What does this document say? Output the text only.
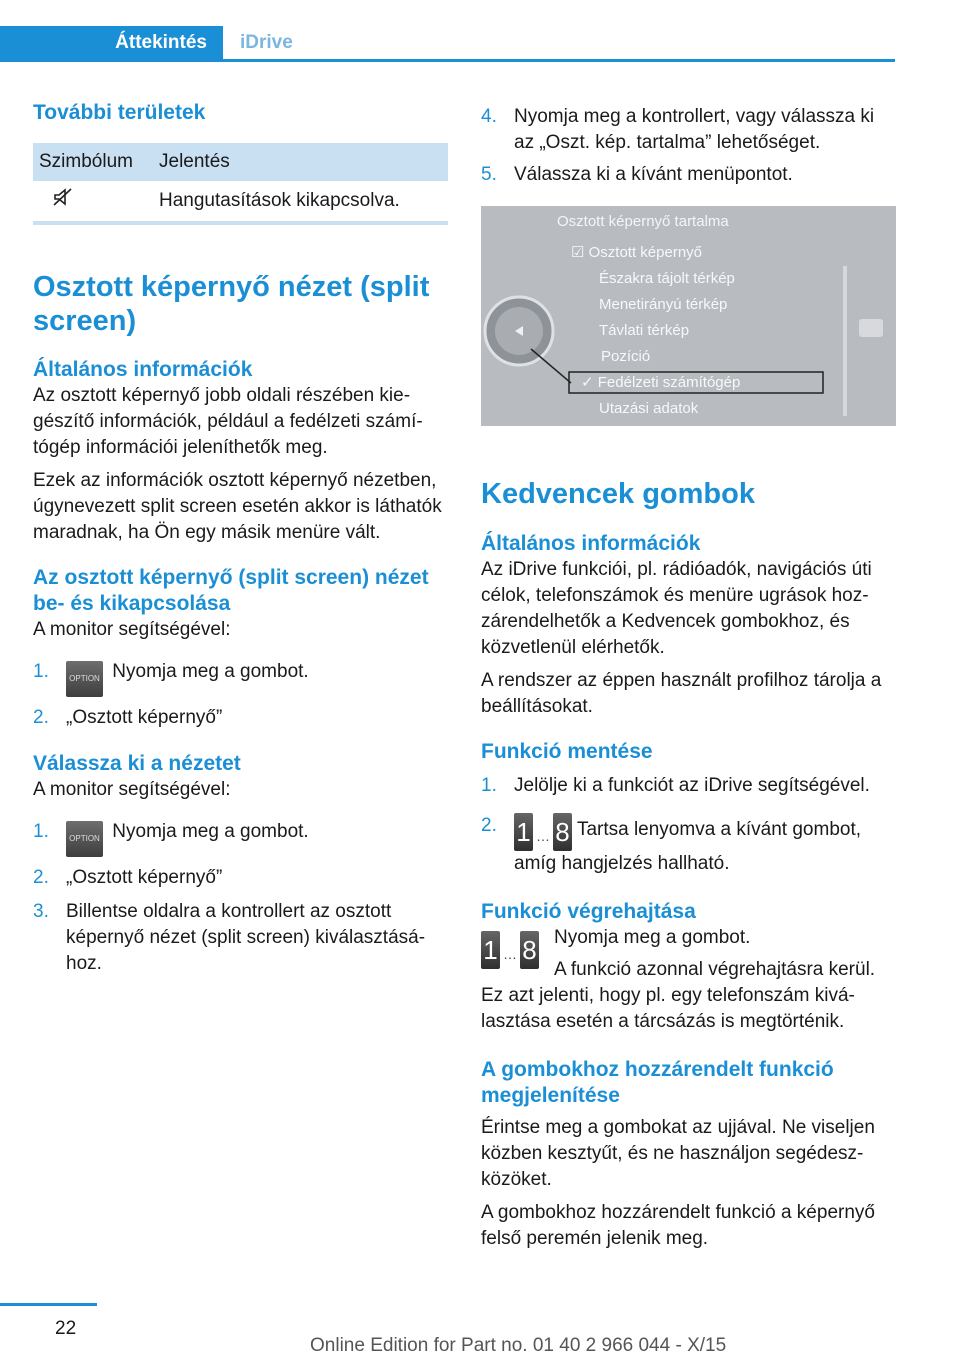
Áttekintés	iDrive
További területek
Szimbólum	Jelentés
	Hangutasítások kikapcsolva.
Osztott képernyő nézet (split screen)
Általános információk

Az osztott képernyő jobb oldali részében kiegészítő információk, például a fedélzeti számítógép információi jeleníthetők meg.

Ezek az információk osztott képernyő nézetben, úgynevezett split screen esetén akkor is láthatók maradnak, ha Ön egy másik menüre vált.

Az osztott képernyő (split screen) nézet be- és kikapcsolása

A monitor segítségével:

1.	OPTION Nyomja meg a gombot.
2. „Osztott képernyő”
Válassza ki a nézetet

A monitor segítségével:

1.	OPTION Nyomja meg a gombot.
2. „Osztott képernyő”
3. Billentse oldalra a kontrollert az osztott képernyő nézet (split screen) kiválasztásához.
4. Nyomja meg a kontrollert, vagy válassza ki az „Oszt. kép. tartalma” lehetőséget.
5. Válassza ki a kívánt menüpontot.
Osztott képernyő tartalma
☑ Osztott képernyő
Északra tájolt térkép
Menetirányú térkép
Távlati térkép
Pozíció
✓ Fedélzeti számítógép
Utazási adatok
Kedvencek gombok
Általános információk

Az iDrive funkciói, pl. rádióadók, navigációs úti célok, telefonszámok és menüre ugrások hozzárendelhetők a Kedvencek gombokhoz, és közvetlenül elérhetők.

A rendszer az éppen használt profilhoz tárolja a beállításokat.

Funkció mentése
1. Jelölje ki a funkciót az iDrive segítségével.
2. 1 … 8 Tartsa lenyomva a kívánt gombot, amíg hangjelzés hallható.
Funkció végrehajtása
1 … 8 Nyomja meg a gombot.

A funkció azonnal végrehajtásra kerül.

Ez azt jelenti, hogy pl. egy telefonszám kiválasztása esetén a tárcsázás is megtörténik.

A gombokhoz hozzárendelt funkció megjelenítése

Érintse meg a gombokat az ujjával. Ne viseljen közben kesztyűt, és ne használjon segédeszközöket.

A gombokhoz hozzárendelt funkció a képernyő felső peremén jelenik meg.

22
Online Edition for Part no. 01 40 2 966 044 - X/15
